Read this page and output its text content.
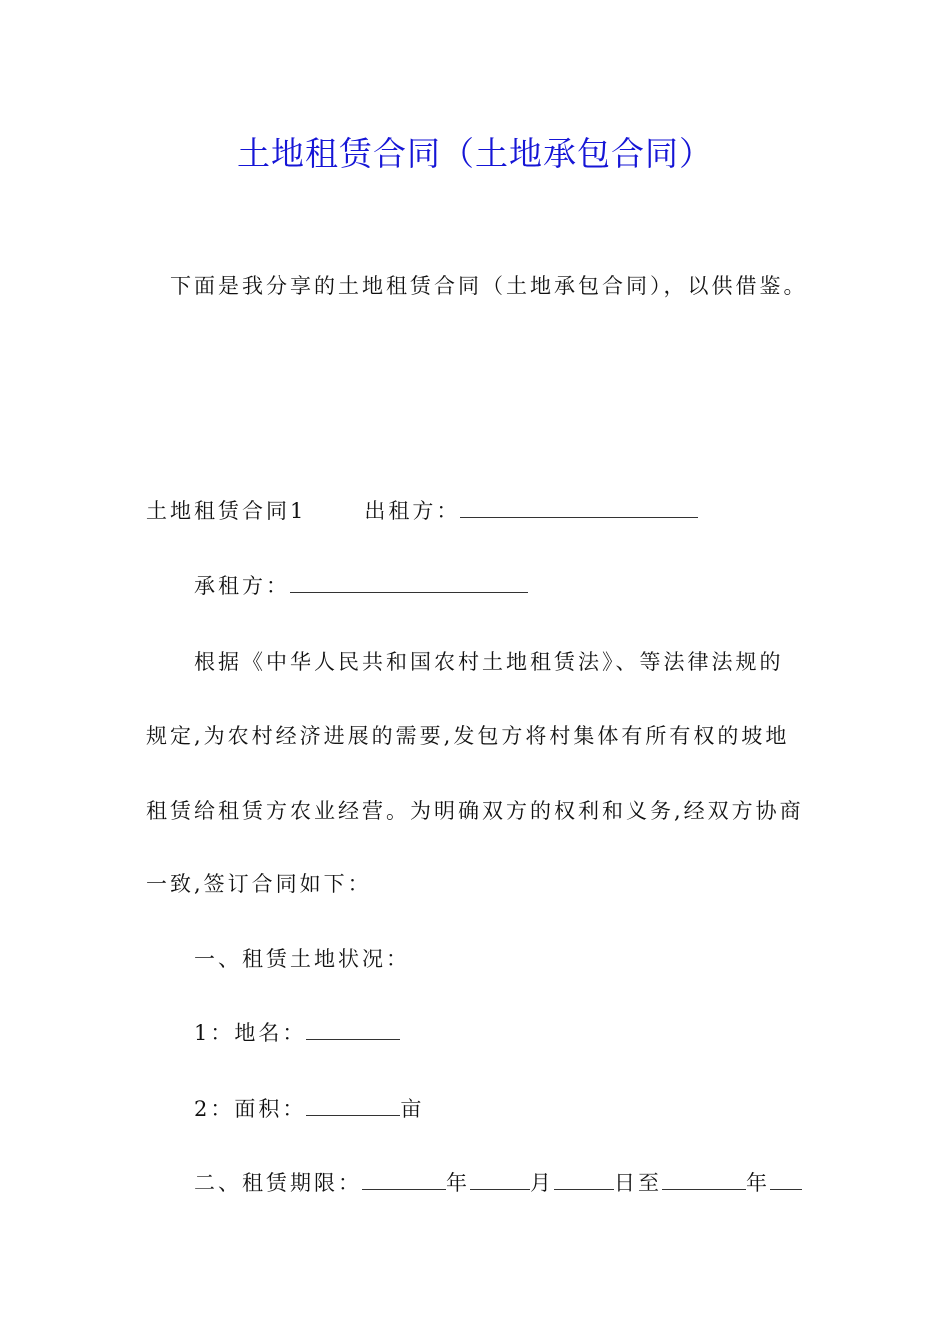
土地租赁合同（土地承包合同）

下面是我分享的土地租赁合同（土地承包合同），以供借鉴。

土地租赁合同1	出租方：

承租方：

根据《中华人民共和国农村土地租赁法》、等法律法规的

规定,为农村经济进展的需要,发包方将村集体有所有权的坡地

租赁给租赁方农业经营。为明确双方的权利和义务,经双方协商

一致,签订合同如下：

一、租赁土地状况：

1：地名：

2：面积：	亩

二、租赁期限：	年	月	日至	年
